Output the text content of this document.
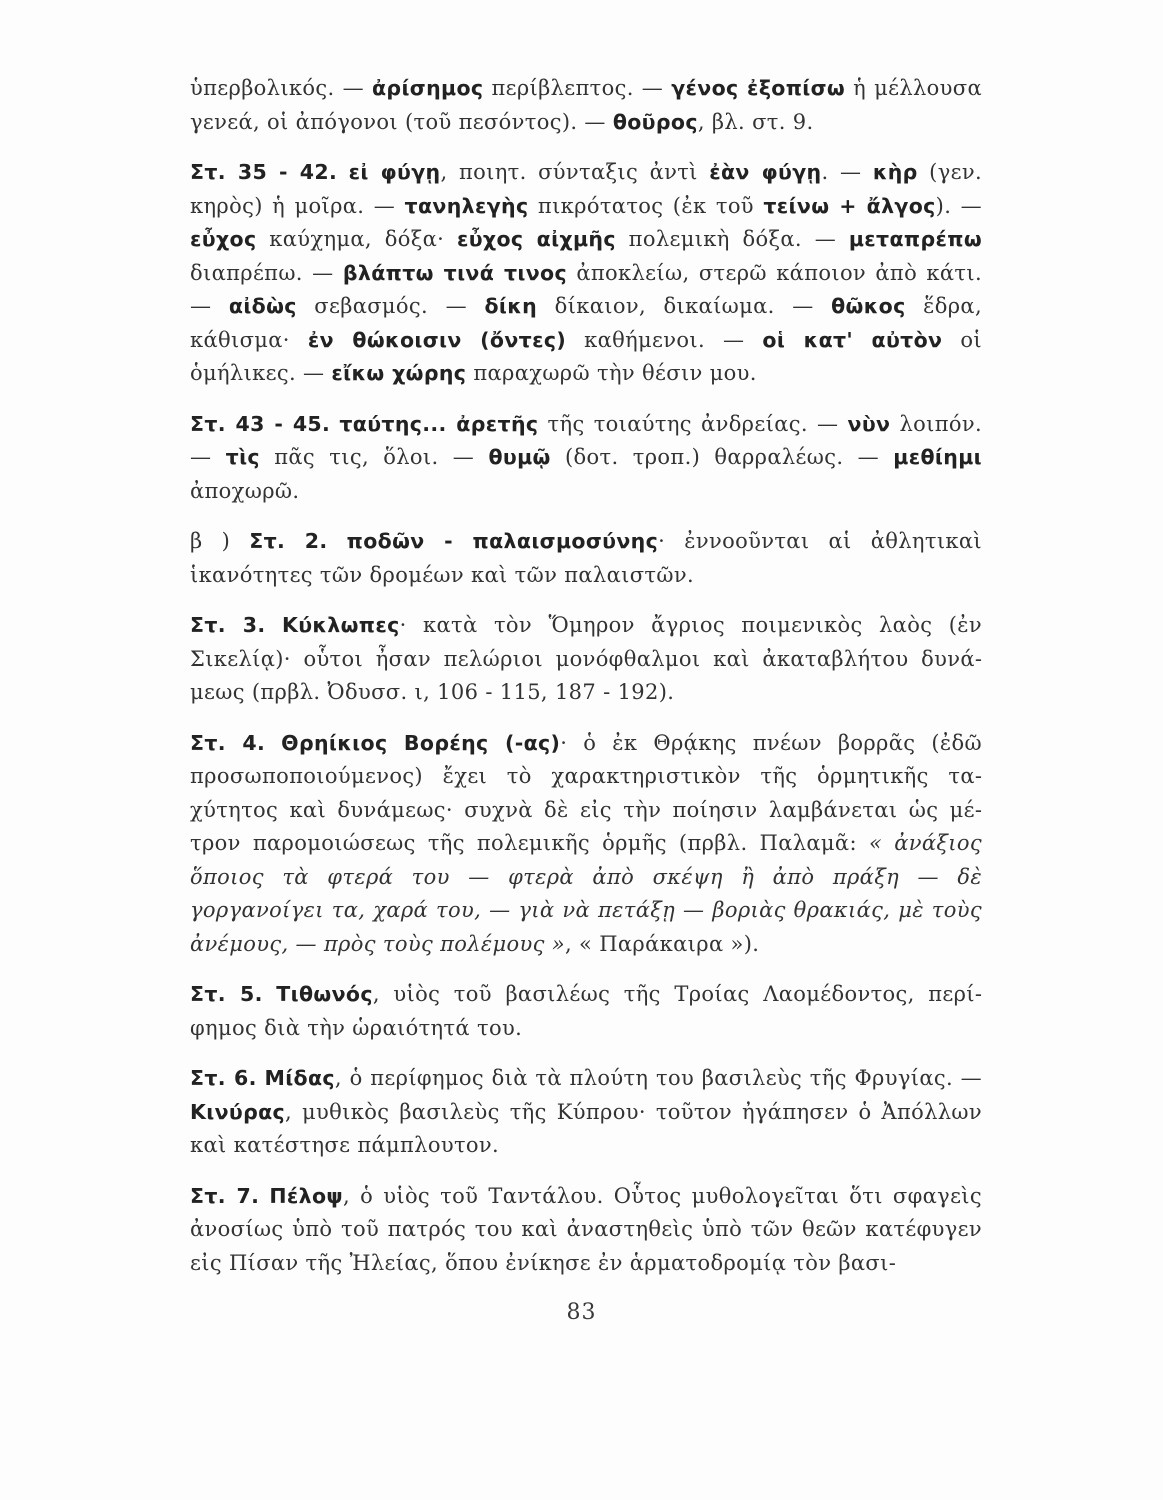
ὑπερβολικός. — ἀρίσημος περίβλεπτος. — γένος ἐξοπίσω ἡ μέλλουσα γενεά, οἱ ἀπόγονοι (τοῦ πεσόντος). — θοῦρος, βλ. στ. 9.

Στ. 35 - 42. εἰ φύγῃ, ποιητ. σύνταξις ἀντὶ ἐὰν φύγῃ. — κὴρ (γεν. κηρὸς) ἡ μοῖρα. — τανηλεγὴς πικρότατος (ἐκ τοῦ τείνω + ἄλγος). — εὖχος καύχημα, δόξα· εὖχος αἰχμῆς πολεμικὴ δόξα. — μεταπρέπω διαπρέπω. — βλάπτω τινά τινος ἀποκλείω, στερῶ κάποιον ἀπὸ κάτι. — αἰδὼς σεβασμός. — δίκη δίκαιον, δικαίωμα. — θῶκος ἕδρα, κάθισμα· ἐν θώκοισιν (ὄντες) καθήμενοι. — οἱ κατ' αὐτὸν οἱ ὁμήλικες. — εἴκω χώρης παραχωρῶ τὴν θέσιν μου.

Στ. 43 - 45. ταύτης... ἀρετῆς τῆς τοιαύτης ἀνδρείας. — νὺν λοιπόν. — τὶς πᾶς τις, ὅλοι. — θυμῷ (δοτ. τροπ.) θαρραλέως. — μεθίημι ἀποχωρῶ.

β ) Στ. 2. ποδῶν - παλαισμοσύνης· ἐννοοῦνται αἱ ἀθλητικαὶ ἱκανότητες τῶν δρομέων καὶ τῶν παλαιστῶν.

Στ. 3. Κύκλωπες· κατὰ τὸν Ὅμηρον ἄγριος ποιμενικὸς λαὸς (ἐν Σικελίᾳ)· οὗτοι ἦσαν πελώριοι μονόφθαλμοι καὶ ἀκαταβλήτου δυνάμεως (πρβλ. Ὀδυσσ. ι, 106 - 115, 187 - 192).

Στ. 4. Θρηίκιος Βορέης (-ας)· ὁ ἐκ Θρᾴκης πνέων βορρᾶς (ἐδῶ προσωποποιούμενος) ἔχει τὸ χαρακτηριστικὸν τῆς ὁρμητικῆς ταχύτητος καὶ δυνάμεως· συχνὰ δὲ εἰς τὴν ποίησιν λαμβάνεται ὡς μέτρον παρομοιώσεως τῆς πολεμικῆς ὁρμῆς (πρβλ. Παλαμᾶ: « ἀνάξιος ὅποιος τὰ φτερά του — φτερὰ ἀπὸ σκέψη ἢ ἀπὸ πράξη — δὲ γοργανοίγει τα, χαρά του, — γιὰ νὰ πετάξῃ — βοριὰς θρακιάς, μὲ τοὺς ἀνέμους, — πρὸς τοὺς πολέμους », « Παράκαιρα »).

Στ. 5. Τιθωνός, υἱὸς τοῦ βασιλέως τῆς Τροίας Λαομέδοντος, περίφημος διὰ τὴν ὡραιότητά του.

Στ. 6. Μίδας, ὁ περίφημος διὰ τὰ πλούτη του βασιλεὺς τῆς Φρυγίας. — Κινύρας, μυθικὸς βασιλεὺς τῆς Κύπρου· τοῦτον ἠγάπησεν ὁ Ἀπόλλων καὶ κατέστησε πάμπλουτον.

Στ. 7. Πέλοψ, ὁ υἱὸς τοῦ Ταντάλου. Οὗτος μυθολογεῖται ὅτι σφαγεὶς ἀνοσίως ὑπὸ τοῦ πατρός του καὶ ἀναστηθεὶς ὑπὸ τῶν θεῶν κατέφυγεν εἰς Πίσαν τῆς Ἠλείας, ὅπου ἐνίκησε ἐν ἁρματοδρομίᾳ τὸν βασι-

83
